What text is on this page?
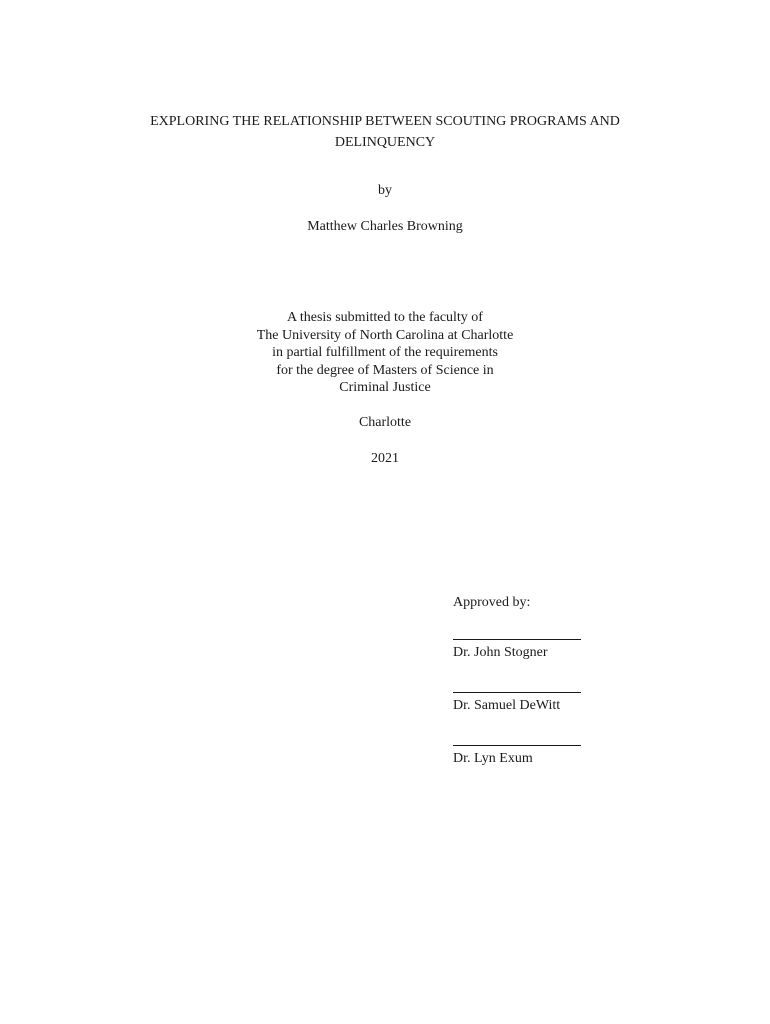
EXPLORING THE RELATIONSHIP BETWEEN SCOUTING PROGRAMS AND
DELINQUENCY
by
Matthew Charles Browning
A thesis submitted to the faculty of
The University of North Carolina at Charlotte
in partial fulfillment of the requirements
for the degree of Masters of Science in
Criminal Justice
Charlotte
2021
Approved by:
Dr. John Stogner
Dr. Samuel DeWitt
Dr. Lyn Exum
